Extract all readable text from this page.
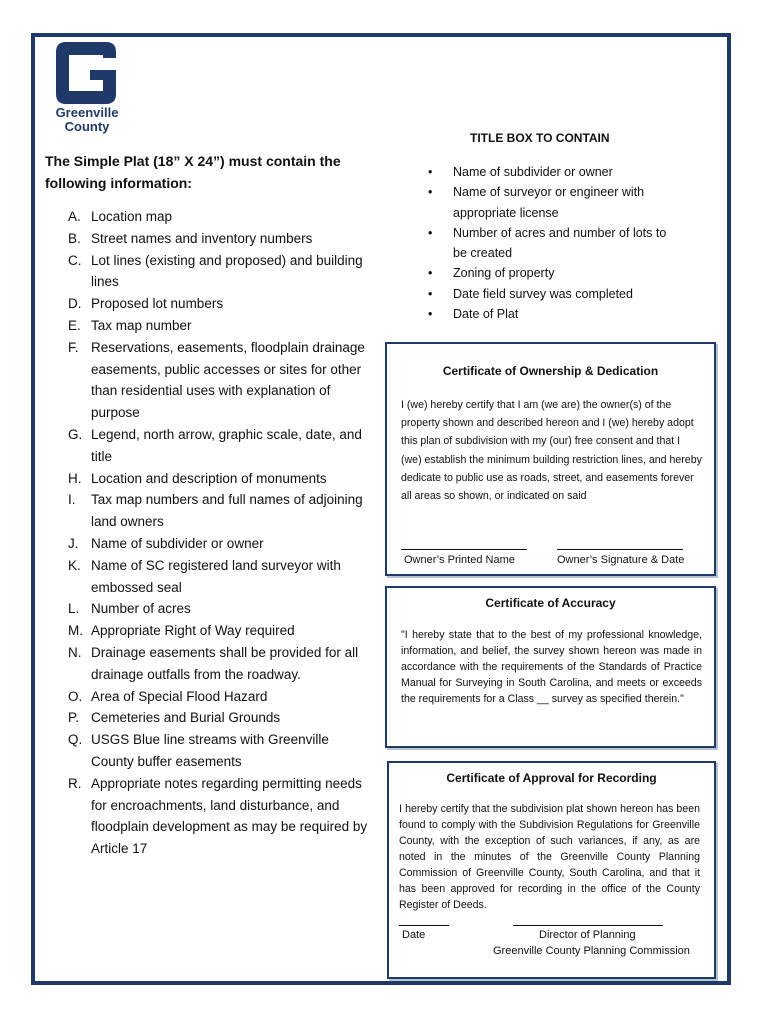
Greenville
County
The Simple Plat (18” X 24”) must contain the following information:
A. Location map
B. Street names and inventory numbers
C. Lot lines (existing and proposed) and building lines
D. Proposed lot numbers
E. Tax map number
F. Reservations, easements, floodplain drainage easements, public accesses or sites for other than residential uses with explanation of purpose
G. Legend, north arrow, graphic scale, date, and title
H. Location and description of monuments
I. Tax map numbers and full names of adjoining land owners
J. Name of subdivider or owner
K. Name of SC registered land surveyor with embossed seal
L. Number of acres
M. Appropriate Right of Way required
N. Drainage easements shall be provided for all drainage outfalls from the roadway.
O. Area of Special Flood Hazard
P. Cemeteries and Burial Grounds
Q. USGS Blue line streams with Greenville County buffer easements
R. Appropriate notes regarding permitting needs for encroachments, land disturbance, and floodplain development as may be required by Article 17
TITLE BOX TO CONTAIN
• Name of subdivider or owner
• Name of surveyor or engineer with appropriate license
• Number of acres and number of lots to be created
• Zoning of property
• Date field survey was completed
• Date of Plat
Certificate of Ownership & Dedication
I (we) hereby certify that I am (we are) the owner(s) of the property shown and described hereon and I (we) hereby adopt this plan of subdivision with my (our) free consent and that I (we) establish the minimum building restriction lines, and hereby dedicate to public use as roads, street, and easements forever all areas so shown, or indicated on said
Owner’s Printed Name	Owner’s Signature & Date
Certificate of Accuracy
"I hereby state that to the best of my professional knowledge, information, and belief, the survey shown hereon was made in accordance with the requirements of the Standards of Practice Manual for Surveying in South Carolina, and meets or exceeds the requirements for a Class __ survey as specified therein."
Certificate of Approval for Recording
I hereby certify that the subdivision plat shown hereon has been found to comply with the Subdivision Regulations for Greenville County, with the exception of such variances, if any, as are noted in the minutes of the Greenville County Planning Commission of Greenville County, South Carolina, and that it has been approved for recording in the office of the County Register of Deeds.
Date	Director of Planning
Greenville County Planning Commission
